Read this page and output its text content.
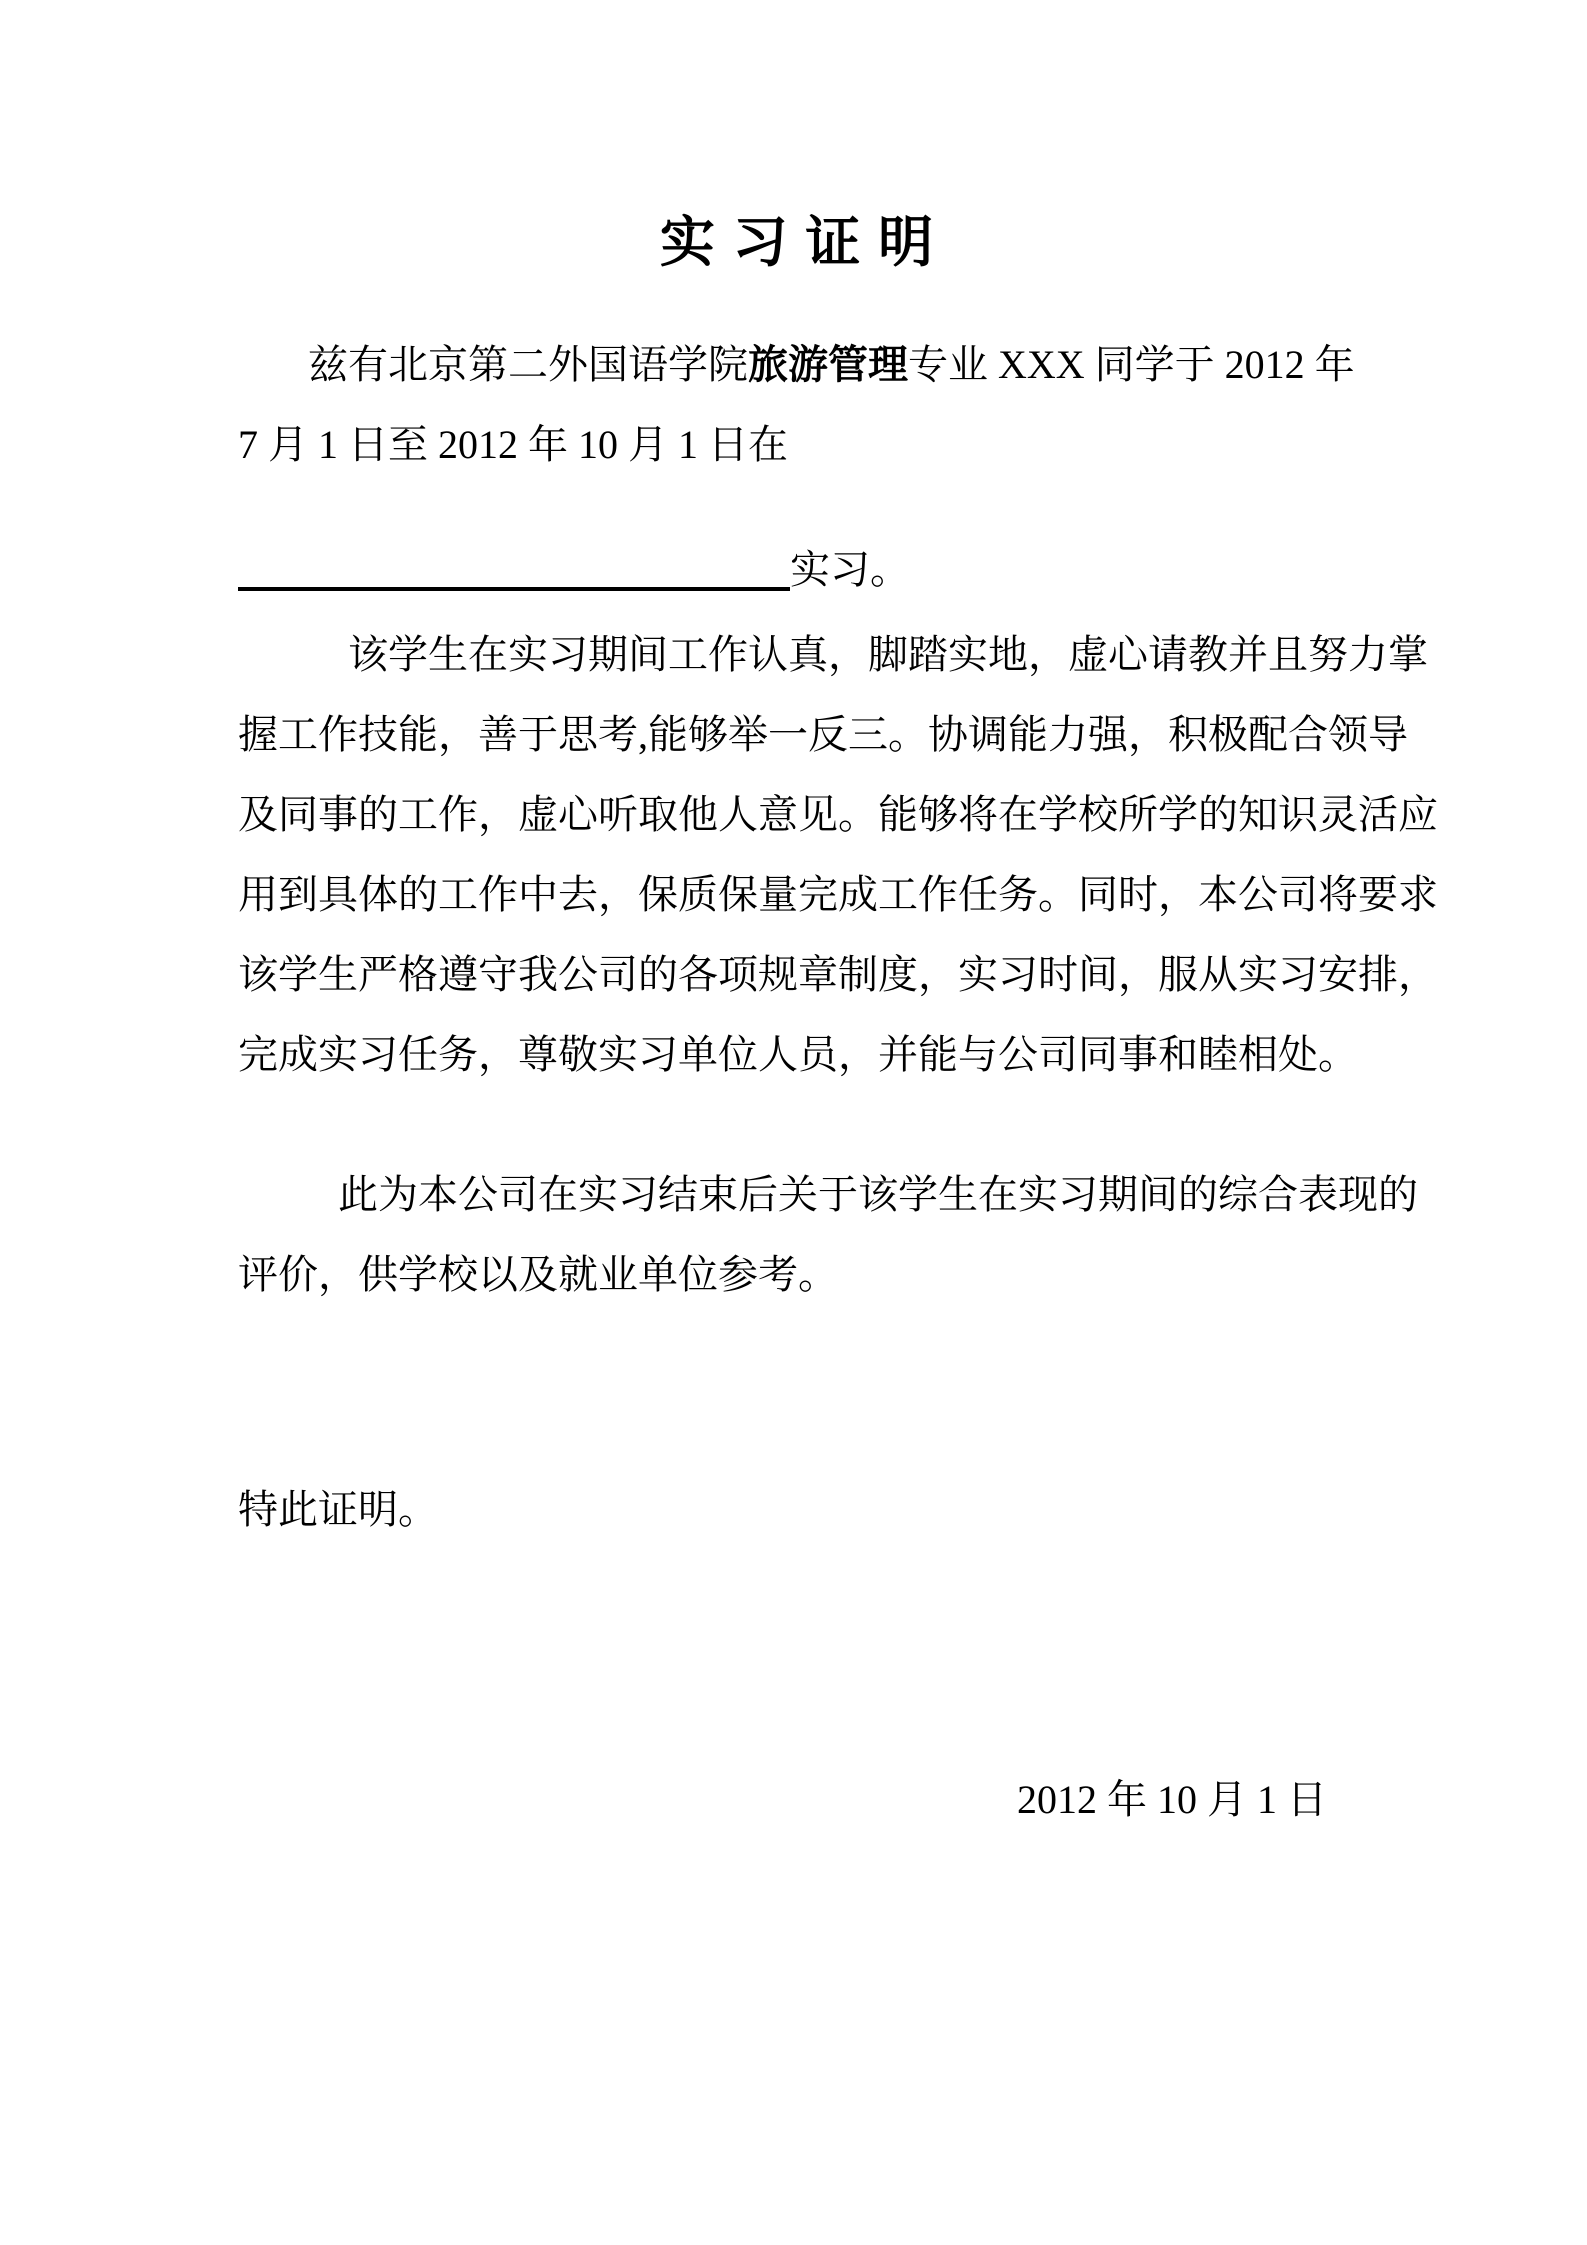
实 习 证 明
兹有北京第二外国语学院旅游管理专业 XXX 同学于 2012 年
7 月 1 日至 2012 年 10 月 1 日在
实习。
该学生在实习期间工作认真，脚踏实地，虚心请教并且努力掌
握工作技能，善于思考,能够举一反三。协调能力强，积极配合领导
及同事的工作，虚心听取他人意见。能够将在学校所学的知识灵活应
用到具体的工作中去，保质保量完成工作任务。同时，本公司将要求
该学生严格遵守我公司的各项规章制度，实习时间，服从实习安排，
完成实习任务，尊敬实习单位人员，并能与公司同事和睦相处。
此为本公司在实习结束后关于该学生在实习期间的综合表现的
评价，供学校以及就业单位参考。
特此证明。
2012 年 10 月 1 日
